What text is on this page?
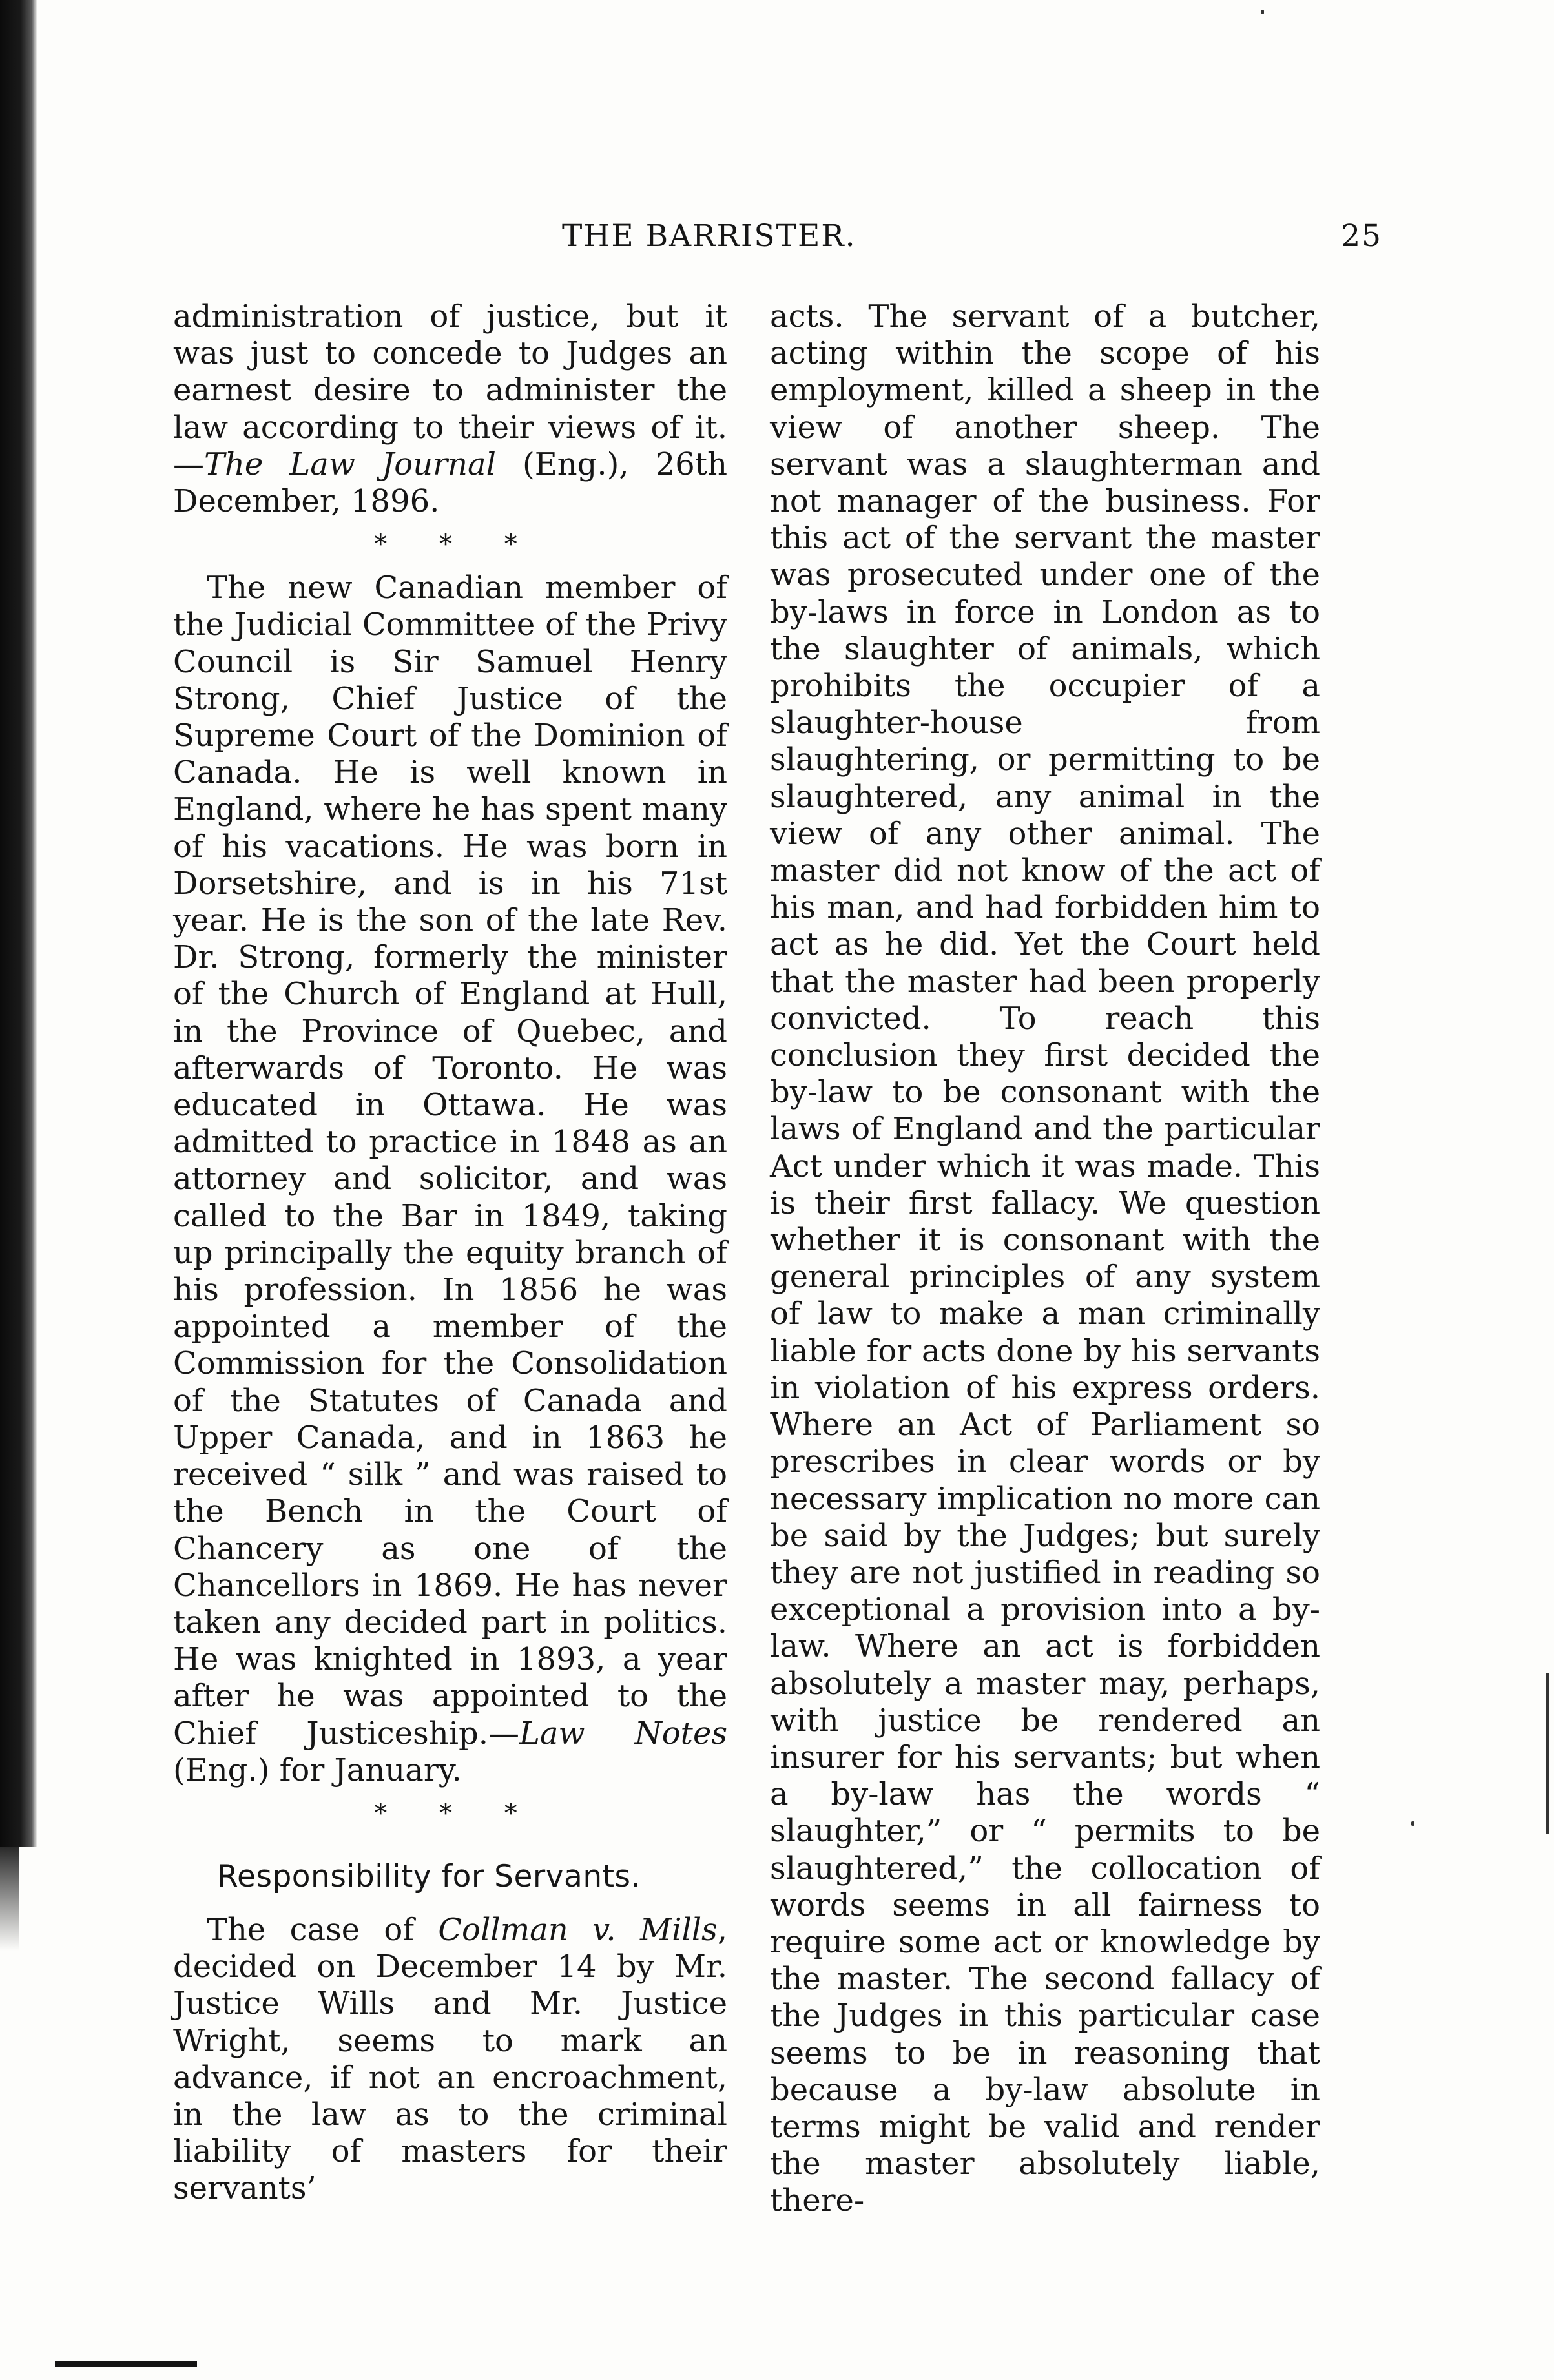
THE BARRISTER.	25

administration of justice, but it was just to concede to Judges an earnest desire to administer the law according to their views of it.—The Law Journal (Eng.), 26th December, 1896.

* * *

The new Canadian member of the Judicial Committee of the Privy Council is Sir Samuel Henry Strong, Chief Justice of the Supreme Court of the Dominion of Canada. He is well known in England, where he has spent many of his vacations. He was born in Dorsetshire, and is in his 71st year. He is the son of the late Rev. Dr. Strong, formerly the minister of the Church of England at Hull, in the Province of Quebec, and afterwards of Toronto. He was educated in Ottawa. He was admitted to practice in 1848 as an attorney and solicitor, and was called to the Bar in 1849, taking up principally the equity branch of his profession. In 1856 he was appointed a member of the Commission for the Consolidation of the Statutes of Canada and Upper Canada, and in 1863 he received “ silk ” and was raised to the Bench in the Court of Chancery as one of the Chancellors in 1869. He has never taken any decided part in politics. He was knighted in 1893, a year after he was appointed to the Chief Justiceship.—Law Notes (Eng.) for January.

* * *
Responsibility for Servants.

The case of Collman v. Mills, decided on December 14 by Mr. Justice Wills and Mr. Justice Wright, seems to mark an advance, if not an encroachment, in the law as to the criminal liability of masters for their servants’

acts. The servant of a butcher, acting within the scope of his employment, killed a sheep in the view of another sheep. The servant was a slaughterman and not manager of the business. For this act of the servant the master was prosecuted under one of the by-laws in force in London as to the slaughter of animals, which prohibits the occupier of a slaughter-house from slaughtering, or permitting to be slaughtered, any animal in the view of any other animal. The master did not know of the act of his man, and had forbidden him to act as he did. Yet the Court held that the master had been properly convicted. To reach this conclusion they first decided the by-law to be consonant with the laws of England and the particular Act under which it was made. This is their first fallacy. We question whether it is consonant with the general principles of any system of law to make a man criminally liable for acts done by his servants in violation of his express orders. Where an Act of Parliament so prescribes in clear words or by necessary implication no more can be said by the Judges; but surely they are not justified in reading so exceptional a provision into a by-law. Where an act is forbidden absolutely a master may, perhaps, with justice be rendered an insurer for his servants; but when a by-law has the words “ slaughter,” or “ permits to be slaughtered,” the collocation of words seems in all fairness to require some act or knowledge by the master. The second fallacy of the Judges in this particular case seems to be in reasoning that because a by-law absolute in terms might be valid and render the master absolutely liable, there-
